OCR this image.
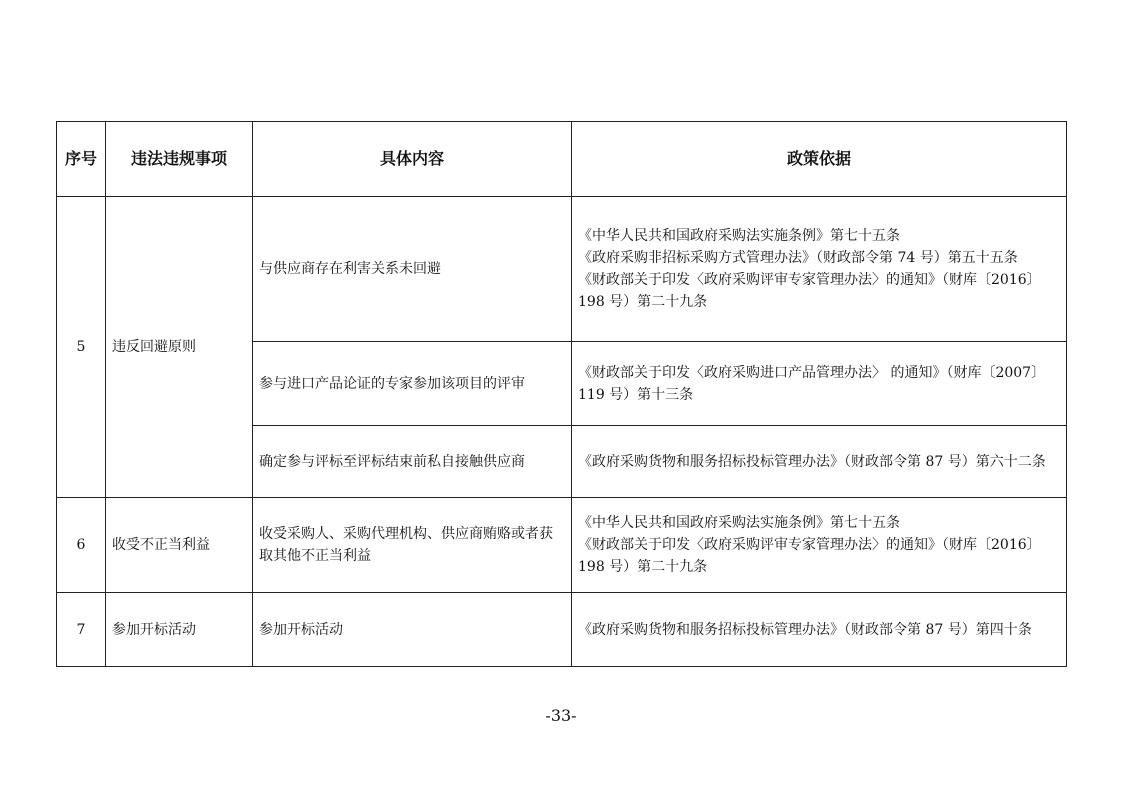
序号	违法违规事项	具体内容	政策依据
5	违反回避原则	与供应商存在利害关系未回避	《中华人民共和国政府采购法实施条例》第七十五条
《政府采购非招标采购方式管理办法》（财政部令第 74 号）第五十五条
《财政部关于印发〈政府采购评审专家管理办法〉的通知》（财库〔2016〕198 号）第二十九条

		参与进口产品论证的专家参加该项目的评审	《财政部关于印发〈政府采购进口产品管理办法〉 的通知》（财库〔2007〕119 号）第十三条

		确定参与评标至评标结束前私自接触供应商	《政府采购货物和服务招标投标管理办法》（财政部令第 87 号）第六十二条

6	收受不正当利益	收受采购人、采购代理机构、供应商贿赂或者获取其他不正当利益	《中华人民共和国政府采购法实施条例》第七十五条
《财政部关于印发〈政府采购评审专家管理办法〉的通知》（财库〔2016〕198 号）第二十九条

7	参加开标活动	参加开标活动	《政府采购货物和服务招标投标管理办法》（财政部令第 87 号）第四十条
-33-
